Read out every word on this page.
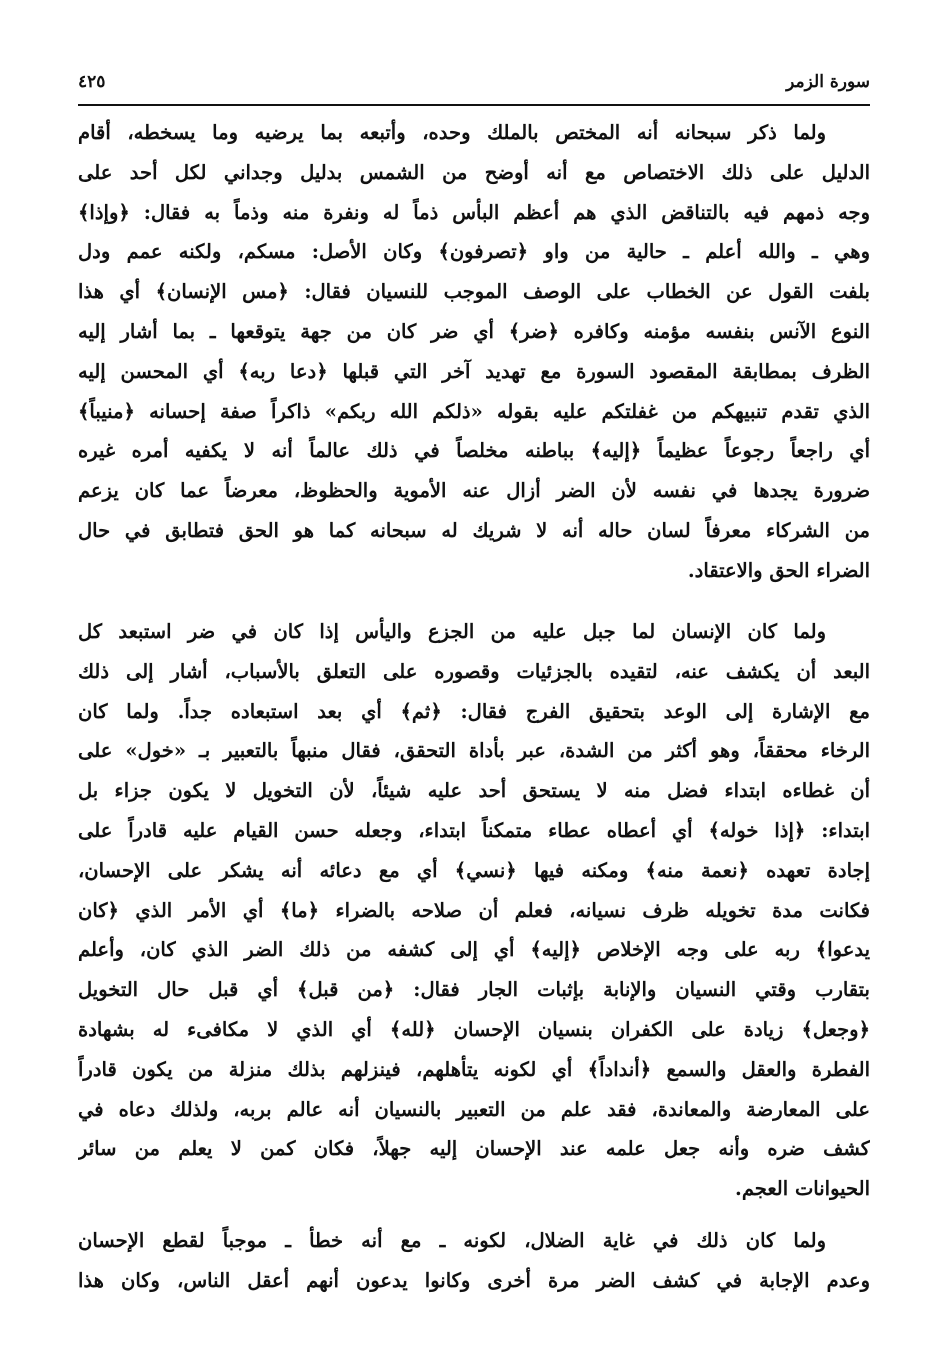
سورة الزمر
٤٢٥
ولما ذكر سبحانه أنه المختص بالملك وحده، وأتبعه بما يرضيه وما يسخطه، أقام
الدليل على ذلك الاختصاص مع أنه أوضح من الشمس بدليل وجداني لكل أحد على
وجه ذمهم فيه بالتناقض الذي هم أعظم البأس ذماً له ونفرة منه وذماً به فقال: ﴿وإذا﴾
وهي ـ والله أعلم ـ حالية من واو ﴿تصرفون﴾ وكان الأصل: مسكم، ولكنه عمم ودل
بلفت القول عن الخطاب على الوصف الموجب للنسيان فقال: ﴿مس الإنسان﴾ أي هذا
النوع الآنس بنفسه مؤمنه وكافره ﴿ضر﴾ أي ضر كان من جهة يتوقعها ـ بما أشار إليه
الظرف بمطابقة المقصود السورة مع تهديد آخر التي قبلها ﴿دعا ربه﴾ أي المحسن إليه
الذي تقدم تنبيهكم من غفلتكم عليه بقوله «ذلكم الله ربكم» ذاكراً صفة إحسانه ﴿منيباً﴾
أي راجعاً رجوعاً عظيماً ﴿إليه﴾ بباطنه مخلصاً في ذلك عالماً أنه لا يكفيه أمره غيره
ضرورة يجدها في نفسه لأن الضر أزال عنه الأموية والحظوظ، معرضاً عما كان يزعم
من الشركاء معرفاً لسان حاله أنه لا شريك له سبحانه كما هو الحق فتطابق في حال
الضراء الحق والاعتقاد.
ولما كان الإنسان لما جبل عليه من الجزع واليأس إذا كان في ضر استبعد كل
البعد أن يكشف عنه، لتقيده بالجزئيات وقصوره على التعلق بالأسباب، أشار إلى ذلك
مع الإشارة إلى الوعد بتحقيق الفرج فقال: ﴿ثم﴾ أي بعد استبعاده جداً. ولما كان
الرخاء محققاً، وهو أكثر من الشدة، عبر بأداة التحقق، فقال منبهاً بالتعبير بـ «خول» على
أن غطاءه ابتداء فضل منه لا يستحق أحد عليه شيئاً، لأن التخويل لا يكون جزاء بل
ابتداء: ﴿إذا خوله﴾ أي أعطاه عطاء متمكناً ابتداء، وجعله حسن القيام عليه قادراً على
إجادة تعهده ﴿نعمة منه﴾ ومكنه فيها ﴿نسي﴾ أي مع دعائه أنه يشكر على الإحسان،
فكانت مدة تخويله ظرف نسيانه، فعلم أن صلاحه بالضراء ﴿ما﴾ أي الأمر الذي ﴿كان
يدعوا﴾ ربه على وجه الإخلاص ﴿إليه﴾ أي إلى كشفه من ذلك الضر الذي كان، وأعلم
بتقارب وقتي النسيان والإنابة بإثبات الجار فقال: ﴿من قبل﴾ أي قبل حال التخويل
﴿وجعل﴾ زيادة على الكفران بنسيان الإحسان ﴿لله﴾ أي الذي لا مكافىء له بشهادة
الفطرة والعقل والسمع ﴿أنداداً﴾ أي لكونه يتأهلهم، فينزلهم بذلك منزلة من يكون قادراً
على المعارضة والمعاندة، فقد علم من التعبير بالنسيان أنه عالم بربه، ولذلك دعاه في
كشف ضره وأنه جعل علمه عند الإحسان إليه جهلاً، فكان كمن لا يعلم من سائر
الحيوانات العجم.
ولما كان ذلك في غاية الضلال، لكونه ـ مع أنه خطأ ـ موجباً لقطع الإحسان
وعدم الإجابة في كشف الضر مرة أخرى وكانوا يدعون أنهم أعقل الناس، وكان هذا
